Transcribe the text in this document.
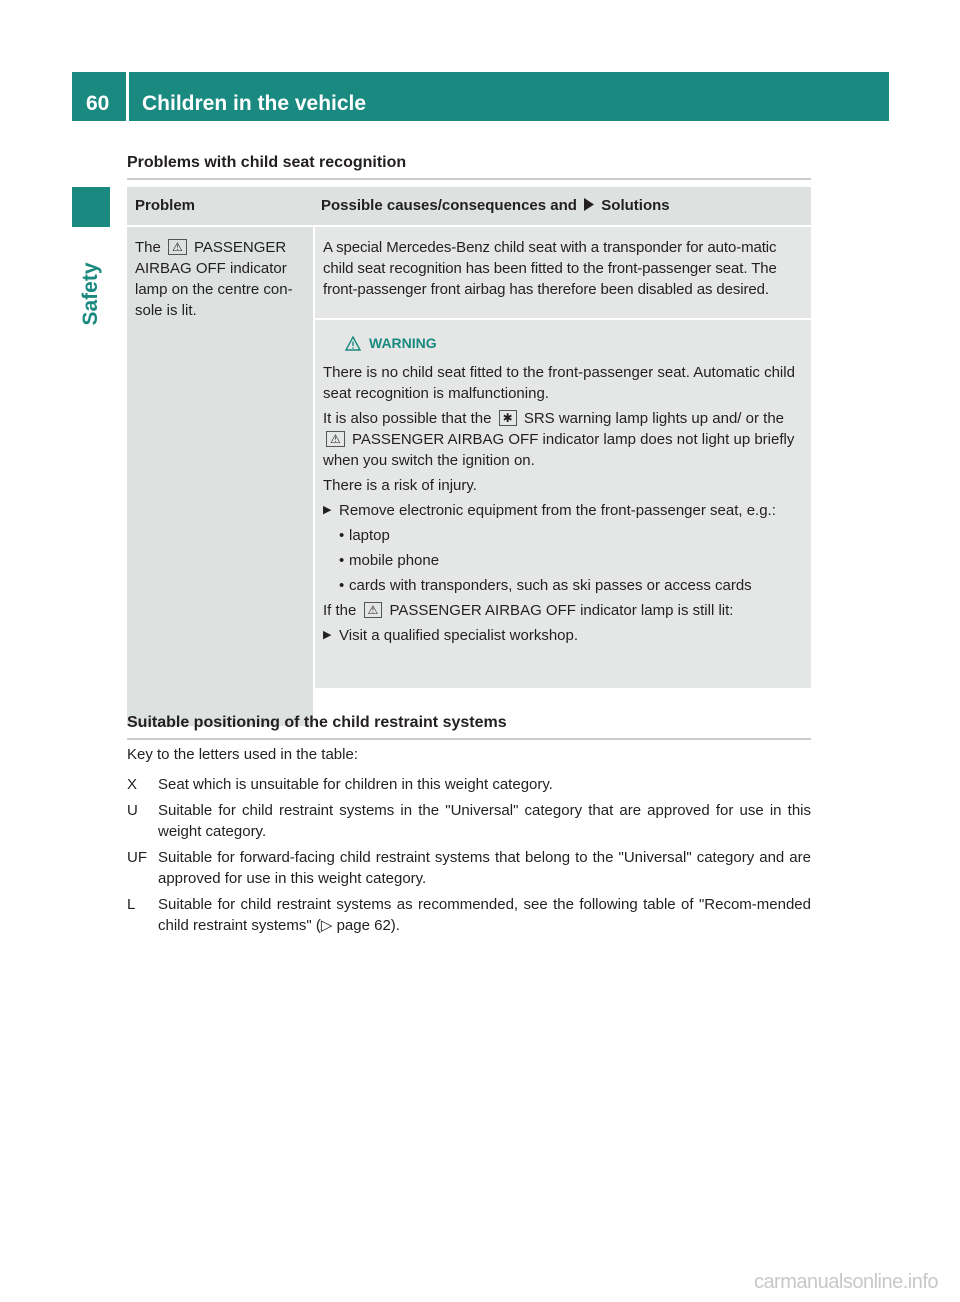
60 Children in the vehicle
Safety
Problems with child seat recognition
Problem	Possible causes/consequences and Solutions
The ⚠ PASSENGER AIRBAG OFF indicator lamp on the centre con-sole is lit.
A special Mercedes-Benz child seat with a transponder for auto-matic child seat recognition has been fitted to the front-passenger seat. The front-passenger front airbag has therefore been disabled as desired.
WARNING

There is no child seat fitted to the front-passenger seat. Automatic child seat recognition is malfunctioning.

It is also possible that the ✱ SRS warning lamp lights up and/ or the ⚠ PASSENGER AIRBAG OFF indicator lamp does not light up briefly when you switch the ignition on.

There is a risk of injury.

▶ Remove electronic equipment from the front-passenger seat, e.g.:
• laptop
• mobile phone
• cards with transponders, such as ski passes or access cards

If the ⚠ PASSENGER AIRBAG OFF indicator lamp is still lit:

▶ Visit a qualified specialist workshop.
Suitable positioning of the child restraint systems
Key to the letters used in the table:
X	Seat which is unsuitable for children in this weight category.
U	Suitable for child restraint systems in the "Universal" category that are approved for use in this weight category.
UF Suitable for forward-facing child restraint systems that belong to the "Universal" category and are approved for use in this weight category.
L	Suitable for child restraint systems as recommended, see the following table of "Recom-mended child restraint systems" (▷ page 62).
carmanualsonline.info
